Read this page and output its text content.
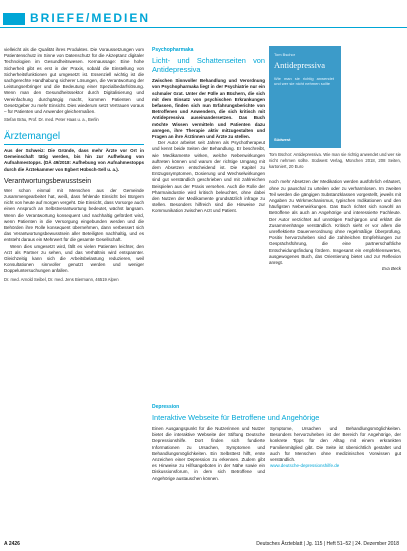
BRIEFE/MEDIEN

vielleicht als die Qualität ihres Produktes. Die Voraussetzungen vom Patientenschutz im Sinne von Datenschutz für die Akzeptanz digitaler Technologien im Gesundheitswesen. Kernaussage: Eine hohe Sicherheit gibt es erst in der Praxis, sobald die Einstellung von Sicherheitsfunktionen gut umgesetzt ist. Essenziell wichtig ist die sachgerechte Handhabung sicherer Lösungen, die Verantwortung der Leistungserbringer und die Bedeutung einer Spezialbedarfslösung. Wenn man den Gesundheitssektor durch Digitalisierung und Vereinfachung durchgängig macht, kommen Patienten und Gesetzgeber zu mehr Einsicht. Dies wiederum setzt Vertrauen voraus – für Patienten und Anwender gleichermaßen.

Stefan Bräu, Prof. Dr. med. Peter Haas u. a., Berlin

Ärztemangel

Aus der Schweiz: Die Gründe, dass mehr Ärzte vor Ort in Gemeinschaft tätig werden, bis hin zur Aufhebung von Aufnahmestopps. (DÄ 49/2018: Aufhebung von Aufnahmestopps durch die Ärztekammer von Egbert Hübsch-Sell u. a.).

Verantwortungsbewusstsein

Wer schon einmal mit Menschen aus der Gemeinde zusammengearbeitet hat, weiß, dass fehlende Einsicht bei Bürgern nicht von heute auf morgen vergeht. Die Einsicht, dass Vorsorge auch einen Anspruch an Selbstverantwortung bedeutet, wächst langsam. Wenn die Verantwortung konsequent und nachhaltig gefördert wird, wenn Patienten in die Versorgung eingebunden werden und die Behörden ihre Rolle konsequent übernehmen, dann verbessert sich das Verantwortungsbewusstsein aller Beteiligten nachhaltig, und es entsteht daraus ein Mehrwert für die gesamte Gesellschaft.

Wenn dies umgesetzt wird, fällt es vielen Patienten leichter, den Arzt als Partner zu sehen, und das Verhältnis wird entspannter. Gleichzeitig kann sich die Arbeitsbelastung reduzieren, weil Konsultationen sinnvoller genutzt werden und weniger Doppeluntersuchungen anfallen.

Dr. med. Arnold Seibel, Dr. med. Jens Biermann, 46519 Alpen

Psychopharmaka
Licht- und Schattenseiten von Antidepressiva

Zwischen Sinnvoller Behandlung und Verordnung von Psychopharmaka liegt in der Psychiatrie nur ein schmaler Grat. Unter der Fülle an Büchern, die sich mit dem Einsatz von psychischen Erkrankungen befassen, finden sich nun Erfahrungsberichte von Betroffenen und Anwendern, die sich kritisch mit Antidepressiva auseinandersetzen. Das Buch möchte Wissen vermitteln und Patienten dazu anregen, ihre Therapie aktiv mitzugestalten und Fragen an ihre Ärztinnen und Ärzte zu stellen.

Der Autor arbeitet seit Jahren als Psychotherapeut und kennt beide Seiten der Behandlung. Er beschreibt, wie Medikamente wirken, welche Nebenwirkungen auftreten können und warum der richtige Umgang mit dem Absetzen entscheidend ist. Die Kapitel zu Entzugssymptomen, Dosierung und Wechselwirkungen sind gut verständlich geschrieben und mit zahlreichen Beispielen aus der Praxis versehen. Auch die Rolle der Pharmaindustrie wird kritisch beleuchtet, ohne dabei den Nutzen der Medikamente grundsätzlich infrage zu stellen. Besonders hilfreich sind die Hinweise zur Kommunikation zwischen Arzt und Patient.

Tom Bschor
Antidepressiva
Wie man sie richtig anwendet und wer sie nicht nehmen sollte
Südwest

Tom Bschor: Antidepressiva. Wie man sie richtig anwendet und wer sie nicht nehmen sollte. Südwest Verlag, München 2018, 208 Seiten, kartoniert, 20 Euro

noch mehr Absetzen der Medikation werden ausführlich erläutert, ohne zu pauschal zu urteilen oder zu verharmlosen. Im zweiten Teil werden die gängigen Substanzklassen vorgestellt, jeweils mit Angaben zu Wirkmechanismus, typischen Indikationen und den häufigsten Nebenwirkungen. Das Buch richtet sich sowohl an Betroffene als auch an Angehörige und interessierte Fachleute. Der Autor verzichtet auf unnötigen Fachjargon und erklärt die Zusammenhänge verständlich. Kritisch sieht er vor allem die unreflektierte Dauerverordnung ohne regelmäßige Überprüfung. Positiv hervorzuheben sind die zahlreichen Empfehlungen zur Gesprächsführung, die eine partnerschaftliche Entscheidungsfindung fördern. Insgesamt ein empfehlenswertes, ausgewogenes Buch, das Orientierung bietet und zur Reflexion anregt.

Eva Beck

Depression
Interaktive Webseite für Betroffene und Angehörige

Einen Ausgangspunkt für die Nutzerinnen und Nutzer bietet die interaktive Webseite der Stiftung Deutsche Depressionshilfe. Dort finden sich fundierte Informationen zu Ursachen, Symptomen und Behandlungsmöglichkeiten. Ein Selbsttest hilft, erste Anzeichen einer Depression zu erkennen. Zudem gibt es Hinweise zu Hilfsangeboten in der Nähe sowie ein Diskussionsforum, in dem sich Betroffene und Angehörige austauschen können.

Symptome, Ursachen und Behandlungsmöglichkeiten. Besonders hervorzuheben ist der Bereich für Angehörige, der konkrete Tipps für den Alltag mit einem erkrankten Familienmitglied gibt. Die Seite ist übersichtlich gestaltet und auch für Menschen ohne medizinisches Vorwissen gut verständlich.

www.deutsche-depressionshilfe.de

A 2426	Deutsches Ärzteblatt | Jg. 115 | Heft 51–52 | 24. Dezember 2018
